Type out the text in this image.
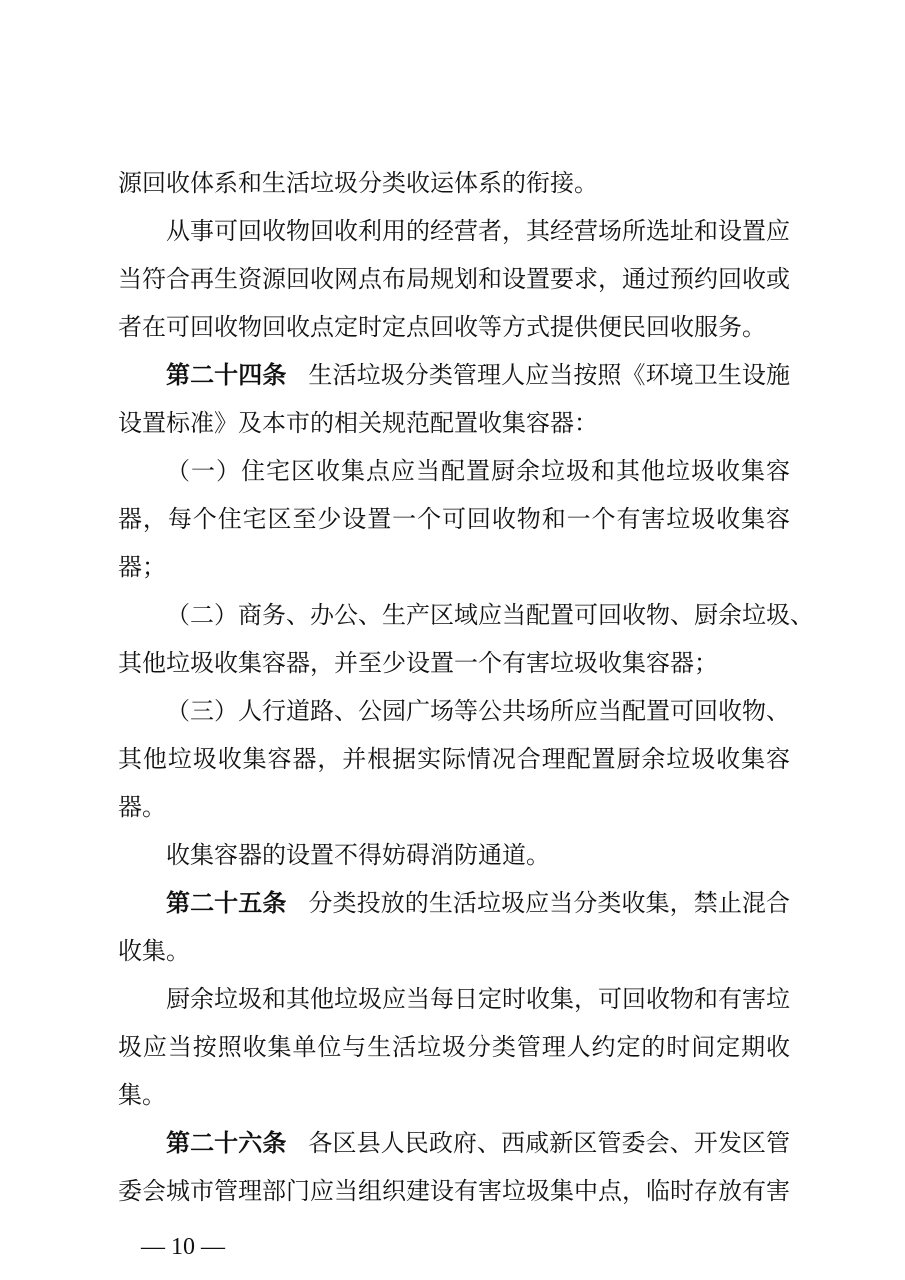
源回收体系和生活垃圾分类收运体系的衔接。
从事可回收物回收利用的经营者，其经营场所选址和设置应
当符合再生资源回收网点布局规划和设置要求，通过预约回收或
者在可回收物回收点定时定点回收等方式提供便民回收服务。
第二十四条 生活垃圾分类管理人应当按照《环境卫生设施
设置标准》及本市的相关规范配置收集容器：
（一）住宅区收集点应当配置厨余垃圾和其他垃圾收集容
器，每个住宅区至少设置一个可回收物和一个有害垃圾收集容
器；
（二）商务、办公、生产区域应当配置可回收物、厨余垃圾、
其他垃圾收集容器，并至少设置一个有害垃圾收集容器；
（三）人行道路、公园广场等公共场所应当配置可回收物、
其他垃圾收集容器，并根据实际情况合理配置厨余垃圾收集容
器。
收集容器的设置不得妨碍消防通道。
第二十五条 分类投放的生活垃圾应当分类收集，禁止混合
收集。
厨余垃圾和其他垃圾应当每日定时收集，可回收物和有害垃
圾应当按照收集单位与生活垃圾分类管理人约定的时间定期收
集。
第二十六条 各区县人民政府、西咸新区管委会、开发区管
委会城市管理部门应当组织建设有害垃圾集中点，临时存放有害
— 10 —
